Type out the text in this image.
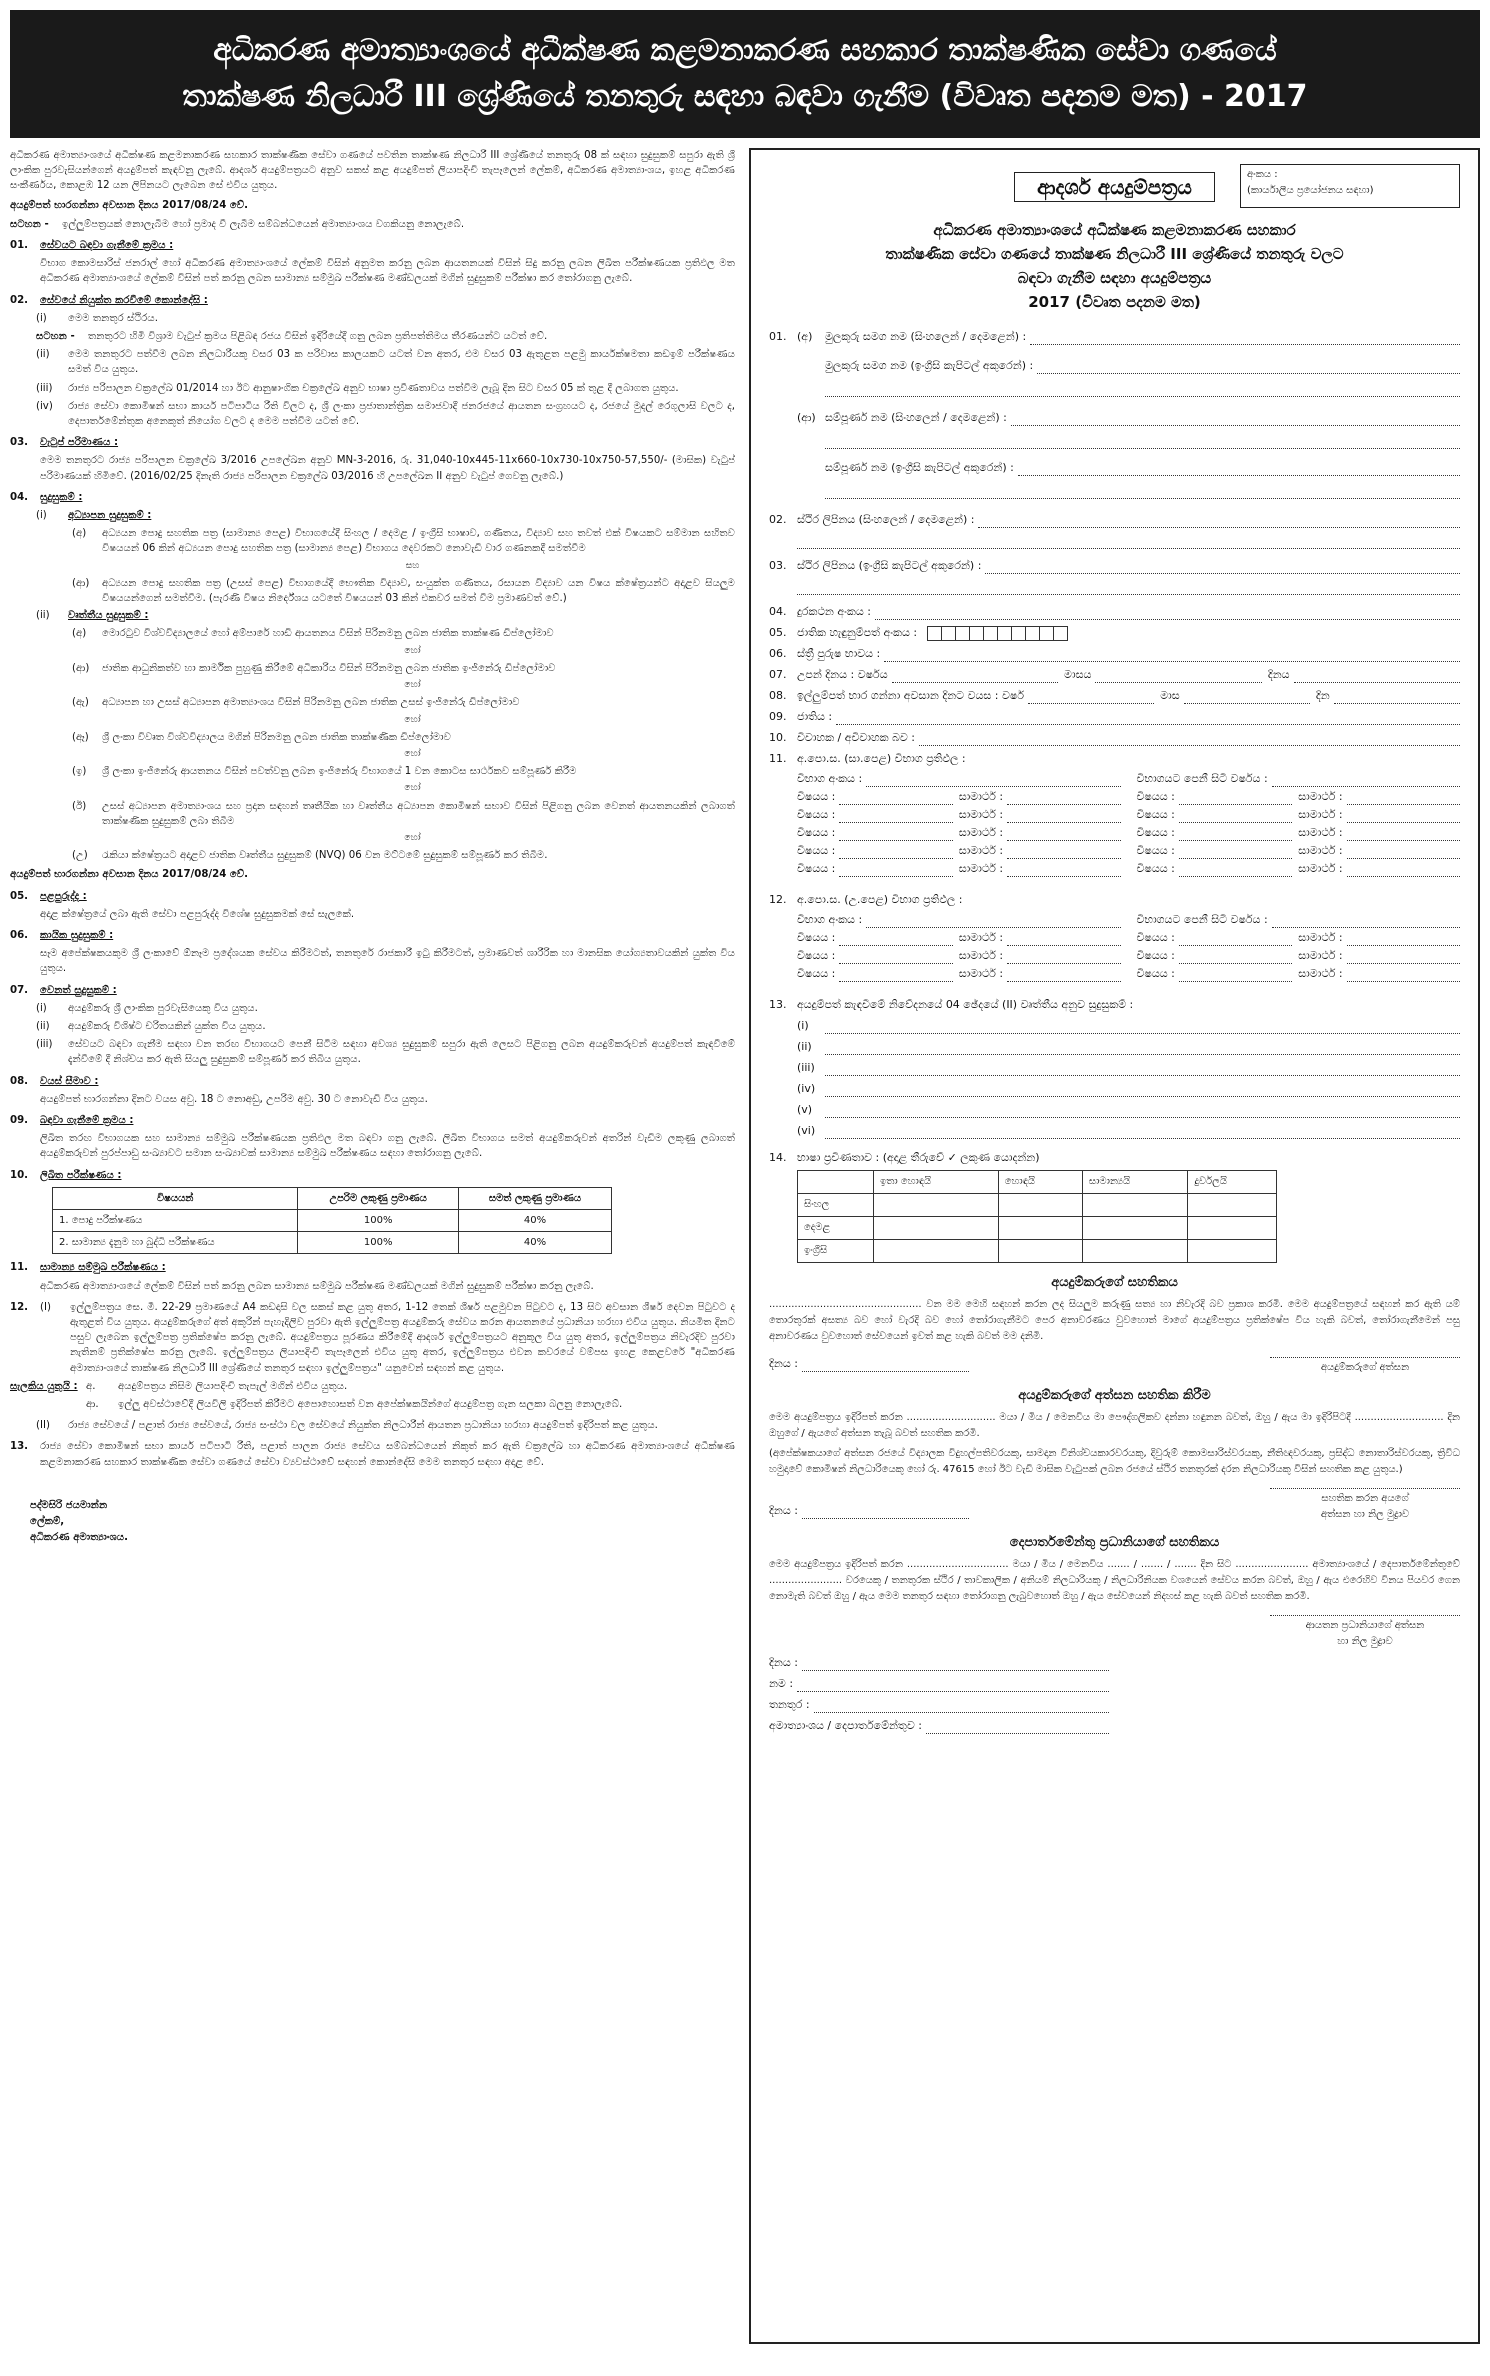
අධිකරණ අමාත්‍යාංශයේ අධීක්ෂණ කළමනාකරණ සහකාර තාක්ෂණික සේවා ගණයේ
තාක්ෂණ නිලධාරී III ශ්‍රේණියේ තනතුරු සඳහා බඳවා ගැනීම (විවෘත පදනම මත) - 2017

අධිකරණ අමාත්‍යාංශයේ අධීක්ෂණ කළමනාකරණ සහකාර තාක්ෂණික සේවා ගණයේ පවතින තාක්ෂණ නිලධාරී III ශ්‍රේණියේ තනතුරු 08 ක් සඳහා සුදුසුකම් සපුරා ඇති ශ්‍රී ලාංකික පුරවැසියන්ගෙන් අයදුම්පත් කැඳවනු ලැබේ. ආදර්ශ අයදුම්පත්‍රයට අනුව සකස් කළ අයදුම්පත් ලියාපදිංචි තැපෑලෙන් ලේකම්, අධිකරණ අමාත්‍යාංශය, ඉහළ අධිකරණ සංකීර්ණය, කොළඹ 12 යන ලිපිනයට ලැබෙන සේ එවිය යුතුය.

අයදුම්පත් භාරගන්නා අවසාන දිනය 2017/08/24 වේ.

සටහන -	ඉල්ලුම්පත්‍රයක් නොලැබීම හෝ ප්‍රමාද වී ලැබීම සම්බන්ධයෙන් අමාත්‍යාංශය වගකියනු නොලැබේ.
01.	සේවයට බඳවා ගැනීමේ ක්‍රමය :

විභාග කොමසාරිස් ජනරාල් හෝ අධිකරණ අමාත්‍යාංශයේ ලේකම් විසින් අනුමත කරනු ලබන ආයතනයක් විසින් සිදු කරනු ලබන ලිඛිත පරීක්ෂණයක ප්‍රතිඵල මත අධිකරණ අමාත්‍යාංශයේ ලේකම් විසින් පත් කරනු ලබන සාමාන්‍ය සම්මුඛ පරීක්ෂණ මණ්ඩලයක් මගින් සුදුසුකම් පරීක්ෂා කර තෝරාගනු ලැබේ.

02.	සේවයේ නියුක්ත කරවීමේ කොන්දේසි :
(i)	මෙම තනතුර ස්ථිරය.
සටහන -	තනතුරට හිමි විශ්‍රාම වැටුප් ක්‍රමය පිළිබඳ රජය විසින් ඉදිරියේදී ගනු ලබන ප්‍රතිපත්තිමය තීරණයන්ට යටත් වේ.
(ii)	මෙම තනතුරට පත්වීම ලබන නිලධාරීයකු වසර 03 ක පරිවාස කාලයකට යටත් වන අතර, එම වසර 03 ඇතුළත පළමු කාර්යක්ෂමතා කඩඉම් පරීක්ෂණය සමත් විය යුතුය.
(iii)	රාජ්‍ය පරිපාලන චක්‍රලේඛ 01/2014 හා ඊට ආනුෂාංගික චක්‍රලේඛ අනුව භාෂා ප්‍රවීණතාවය පත්වීම ලැබූ දින සිට වසර 05 ක් තුළ දී ලබාගත යුතුය.
(iv)	රාජ්‍ය සේවා කොමිෂන් සභා කාර්ය පටිපාටිය රීති විලට ද, ශ්‍රී ලංකා ප්‍රජාතාන්ත්‍රික සමාජවාදී ජනරජයේ ආයතන සංග්‍රහයට ද, රජයේ මුදල් රෙගුලාසි වලට ද, දෙපාර්තමේන්තුක අනෙකුත් නියෝග වලට ද මෙම පත්වීම යටත් වේ.
03.	වැටුප් පරිමාණය :

මෙම තනතුරට රාජ්‍ය පරිපාලන චක්‍රලේඛ 3/2016 උපලේඛන අනුව MN-3-2016, රු. 31,040-10x445-11x660-10x730-10x750-57,550/- (මාසික) වැටුප් පරිමාණයක් හිමිවේ. (2016/02/25 දිනැති රාජ්‍ය පරිපාලන චක්‍රලේඛ 03/2016 හි උපලේඛන II අනුව වැටුප් ගෙවනු ලැබේ.)

04.	සුදුසුකම් :
(i)	අධ්‍යාපන සුදුසුකම් :
(අ)	අධ්‍යයන පොදු සහතික පත්‍ර (සාමාන්‍ය පෙළ) විභාගයේදී සිංහල / දෙමළ / ඉංග්‍රීසි භාෂාව, ගණිතය, විද්‍යාව සහ තවත් එක් විෂයකට සම්මාන සහිතව විෂයයන් 06 කින් අධ්‍යයන පොදු සහතික පත්‍ර (සාමාන්‍ය පෙළ) විභාගය දෙවරකට නොවැඩි වාර ගණනකදී සමත්වීම
සහ
(ආ)	අධ්‍යයන පොදු සහතික පත්‍ර (උසස් පෙළ) විභාගයේදී භෞතික විද්‍යාව, සංයුක්ත ගණිතය, රසායන විද්‍යාව යන විෂය ක්ෂේත්‍රයන්ට අදාළව සියලුම විෂයයන්ගෙන් සමත්වීම. (පැරණි විෂය නිර්දේශය යටතේ විෂයයන් 03 කින් එකවර සමත් වීම ප්‍රමාණවත් වේ.)
(ii)	වෘත්තීය සුදුසුකම් :
(අ)	මොරටුව විශ්වවිද්‍යාලයේ හෝ අම්පාරේ හාඩි ආයතනය විසින් පිරිනමනු ලබන ජාතික තාක්ෂණ ඩිප්ලෝමාව
හෝ
(ආ)	ජාතික ආධුනිකත්ව හා කාර්මික පුහුණු කිරීමේ අධිකාරිය විසින් පිරිනමනු ලබන ජාතික ඉංජිනේරු ඩිප්ලෝමාව
හෝ
(ඇ)	අධ්‍යාපන හා උසස් අධ්‍යාපන අමාත්‍යාංශය විසින් පිරිනමනු ලබන ජාතික උසස් ඉංජිනේරු ඩිප්ලෝමාව
හෝ
(ඈ)	ශ්‍රී ලංකා විවෘත විශ්වවිද්‍යාලය මගින් පිරිනමනු ලබන ජාතික තාක්ෂණික ඩිප්ලෝමාව
හෝ
(ඉ)	ශ්‍රී ලංකා ඉංජිනේරු ආයතනය විසින් පවත්වනු ලබන ඉංජිනේරු විභාගයේ 1 වන කොටස සාර්ථකව සම්පූර්ණ කිරීම
හෝ
(ඊ)	උසස් අධ්‍යාපන අමාත්‍යාංශය සහ ප්‍රදාන සඳහන් තෘතීයික හා වෘත්තීය අධ්‍යාපන කොමිෂන් සභාව විසින් පිළිගනු ලබන වෙනත් ආයතනයකින් ලබාගත් තාක්ෂණික සුදුසුකම් ලබා තිබීම
හෝ
(උ)	රැකියා ක්ෂේත්‍රයට අදාළව ජාතික වෘත්තීය සුදුසුකම් (NVQ) 06 වන මට්ටමේ සුදුසුකම් සම්පූර්ණ කර තිබීම.

අයදුම්පත් භාරගන්නා අවසාන දිනය 2017/08/24 වේ.

05.	පළපුරුද්ද :

අදාළ ක්ෂේත්‍රයේ ලබා ඇති සේවා පළපුරුද්ද විශේෂ සුදුසුකමක් සේ සැලකේ.

06.	කායික සුදුසුකම් :

සෑම අපේක්ෂකයකුම ශ්‍රී ලංකාවේ ඕනෑම ප්‍රදේශයක සේවය කිරීමටත්, තනතුරේ රාජකාරී ඉටු කිරීමටත්, ප්‍රමාණවත් ශාරීරික හා මානසික යෝග්‍යතාවයකින් යුක්ත විය යුතුය.

07.	වෙනත් සුදුසුකම් :
(i)	අයදුම්කරු ශ්‍රී ලාංකික පුරවැසියෙකු විය යුතුය.
(ii)	අයදුම්කරු විශිෂ්ට චරිතයකින් යුක්ත විය යුතුය.
(iii)	සේවයට බඳවා ගැනීම සඳහා වන තරඟ විභාගයට පෙනී සිටීම සඳහා අවශ්‍ය සුදුසුකම් සපුරා ඇති ලෙසට පිළිගනු ලබන අයදුම්කරුවන් අයදුම්පත් කැඳවීමේ දැන්වීමේ දී නිශ්චය කර ඇති සියලු සුදුසුකම් සම්පූර්ණ කර තිබිය යුතුය.
08.	වයස් සීමාව :

අයදුම්පත් භාරගන්නා දිනට වයස අවු. 18 ට නොඅඩු, උපරිම අවු. 30 ට නොවැඩි විය යුතුය.

09.	බඳවා ගැනීමේ ක්‍රමය :

ලිඛිත තරඟ විභාගයක සහ සාමාන්‍ය සම්මුඛ පරීක්ෂණයක ප්‍රතිඵල මත බඳවා ගනු ලැබේ. ලිඛිත විභාගය සමත් අයදුම්කරුවන් අතරින් වැඩිම ලකුණු ලබාගත් අයදුම්කරුවන් පුරප්පාඩු සංඛ්‍යාවට සමාන සංඛ්‍යාවක් සාමාන්‍ය සම්මුඛ පරීක්ෂණය සඳහා තෝරාගනු ලැබේ.

10.	ලිඛිත පරීක්ෂණය :
විෂයයන්	උපරිම ලකුණු ප්‍රමාණය	සමත් ලකුණු ප්‍රමාණය
1. පොදු පරීක්ෂණය	100%	40%
2. සාමාන්‍ය දැනුම හා බුද්ධි පරීක්ෂණය	100%	40%
11.	සාමාන්‍ය සම්මුඛ පරීක්ෂණය :

අධිකරණ අමාත්‍යාංශයේ ලේකම් විසින් පත් කරනු ලබන සාමාන්‍ය සම්මුඛ පරීක්ෂණ මණ්ඩලයක් මගින් සුදුසුකම් පරීක්ෂා කරනු ලැබේ.

12.	(I)	ඉල්ලුම්පත්‍රය සෙ. මී. 22-29 ප්‍රමාණයේ A4 කඩදාසි වල සකස් කළ යුතු අතර, 1-12 තෙක් ශීර්ෂ පළමුවන පිටුවට ද, 13 සිට අවසාන ශීර්ෂ දෙවන පිටුවට ද ඇතුළත් විය යුතුය. අයදුම්කරුගේ අත් අකුරින් පැහැදිලිව පුරවා ඇති ඉල්ලුම්පත්‍ර අයදුම්කරු සේවය කරන ආයතනයේ ප්‍රධානියා හරහා එවිය යුතුය. නියමිත දිනට පසුව ලැබෙන ඉල්ලුම්පත්‍ර ප්‍රතික්ෂේප කරනු ලැබේ. අයදුම්පත්‍රය පූරණය කිරීමේදී ආදර්ශ ඉල්ලුම්පත්‍රයට අනුකූල විය යුතු අතර, ඉල්ලුම්පත්‍රය නිවැරදිව පුරවා නැතිනම් ප්‍රතික්ෂේප කරනු ලැබේ. ඉල්ලුම්පත්‍රය ලියාපදිංචි තැපෑලෙන් එවිය යුතු අතර, ඉල්ලුම්පත්‍රය එවන කවරයේ වම්පස ඉහළ කෙළවරේ "අධිකරණ අමාත්‍යාංශයේ තාක්ෂණ නිලධාරී III ශ්‍රේණියේ තනතුර සඳහා ඉල්ලුම්පත්‍රය" යනුවෙන් සඳහන් කළ යුතුය.
සැලකිය යුතුයි : අ.	අයදුම්පත්‍රය නිසිම ලියාපදිංචි තැපැල් මගින් එවිය යුතුය.
ආ.	ඉල්ලු අවස්ථාවේදී ලියවිලි ඉදිරිපත් කිරීමට අපොහොසත් වන අපේක්ෂකයින්ගේ අයදුම්පත්‍ර ගැන සලකා බලනු නොලැබේ.
(II)	රාජ්‍ය සේවයේ / පළාත් රාජ්‍ය සේවයේ, රාජ්‍ය සංස්ථා වල සේවයේ නියුක්ත නිලධාරීන් ආයතන ප්‍රධානියා හරහා අයදුම්පත් ඉදිරිපත් කළ යුතුය.
13.	රාජ්‍ය සේවා කොමිෂන් සභා කාර්ය පටිපාටි රීති, පළාත් පාලන රාජ්‍ය සේවය සම්බන්ධයෙන් නිකුත් කර ඇති චක්‍රලේඛ හා අධිකරණ අමාත්‍යාංශයේ අධීක්ෂණ කළමනාකරණ සහකාර තාක්ෂණික සේවා ගණයේ සේවා ව්‍යවස්ථාවේ සඳහන් කොන්දේසි මෙම තනතුර සඳහා අදාළ වේ.
පද්මසිරි ජයමාන්න
ලේකම්,
අධිකරණ අමාත්‍යාංශය.
ආදර්ශ අයදුම්පත්‍රය
අංකය :
(කාර්යාලීය ප්‍රයෝජනය සඳහා)
අධිකරණ අමාත්‍යාංශයේ අධීක්ෂණ කළමනාකරණ සහකාර
තාක්ෂණික සේවා ගණයේ තාක්ෂණ නිලධාරී III ශ්‍රේණියේ තනතුරු වලට
බඳවා ගැනීම සඳහා අයදුම්පත්‍රය
2017 (විවෘත පදනම මත)
01. (අ)	මුලකුරු සමග නම (සිංහලෙන් / දෙමළෙන්) :
මුලකුරු සමග නම (ඉංග්‍රීසි කැපිටල් අකුරෙන්) :
(ආ) සම්පූර්ණ නම (සිංහලෙන් / දෙමළෙන්) :
සම්පූර්ණ නම (ඉංග්‍රීසි කැපිටල් අකුරෙන්) :
02. ස්ථිර ලිපිනය (සිංහලෙන් / දෙමළෙන්) :
03. ස්ථිර ලිපිනය (ඉංග්‍රීසි කැපිටල් අකුරෙන්) :
04. දුරකථන අංකය :
05. ජාතික හැඳුනුම්පත් අංකය :
06. ස්ත්‍රී පුරුෂ භාවය :
07. උපන් දිනය : වර්ෂය	මාසය	දිනය
08. ඉල්ලුම්පත් භාර ගන්නා අවසාන දිනට වයස : වර්ෂ	මාස	දින
09. ජාතිය :
10. විවාහක / අවිවාහක බව :
11. අ.පො.ස. (සා.පෙළ) විභාග ප්‍රතිඵල :
විභාග අංකය :	විභාගයට පෙනී සිටි වර්ෂය :
විෂයය :	සාමාර්ථ :	විෂයය :	සාමාර්ථ :
විෂයය :	සාමාර්ථ :	විෂයය :	සාමාර්ථ :
විෂයය :	සාමාර්ථ :	විෂයය :	සාමාර්ථ :
විෂයය :	සාමාර්ථ :	විෂයය :	සාමාර්ථ :
විෂයය :	සාමාර්ථ :	විෂයය :	සාමාර්ථ :
12. අ.පො.ස. (උ.පෙළ) විභාග ප්‍රතිඵල :
විභාග අංකය :	විභාගයට පෙනී සිටි වර්ෂය :
විෂයය :	සාමාර්ථ :	විෂයය :	සාමාර්ථ :
විෂයය :	සාමාර්ථ :	විෂයය :	සාමාර්ථ :
විෂයය :	සාමාර්ථ :	විෂයය :	සාමාර්ථ :
13. අයදුම්පත් කැඳවීමේ නිවේදනයේ 04 ඡේදයේ (II) වෘත්තීය අනුව සුදුසුකම් :
(i)
(ii)
(iii)
(iv)
(v)
(vi)
14. භාෂා ප්‍රවීණතාව : (අදාළ තීරුවේ ✓ ලකුණ යොදන්න)
	ඉතා හොඳයි	හොඳයි	සාමාන්‍යයි	දුර්වලයි
සිංහල				
දෙමළ				
ඉංග්‍රීසි				
අයදුම්කරුගේ සහතිකය

................................................ වන මම මෙහි සඳහන් කරන ලද සියලුම කරුණු සත්‍ය හා නිවැරදි බව ප්‍රකාශ කරමි. මෙම අයදුම්පත්‍රයේ සඳහන් කර ඇති යම් තොරතුරක් අසත්‍ය බව හෝ වැරදි බව හෝ තෝරාගැනීමට පෙර අනාවරණය වුවහොත් මාගේ අයදුම්පත්‍රය ප්‍රතික්ෂේප විය හැකි බවත්, තෝරාගැනීමෙන් පසු අනාවරණය වුවහොත් සේවයෙන් ඉවත් කළ හැකි බවත් මම දනිමි.

දිනය :	අයදුම්කරුගේ අත්සන
අයදුම්කරුගේ අත්සන සහතික කිරීම

මෙම අයදුම්පත්‍රය ඉදිරිපත් කරන ............................ මයා / මිය / මෙනවිය මා පෞද්ගලිකව දන්නා හඳුනන බවත්, ඔහු / ඇය මා ඉදිරිපිටදී ............................ දින ඔහුගේ / ඇයගේ අත්සන තැබූ බවත් සහතික කරමි.

(අපේක්ෂකයාගේ අත්සන රජයේ විද්‍යාලක විදුහල්පතිවරයකු, සාමදාන විනිශ්චයකාරවරයකු, දිවුරුම් කොමසාරිස්වරයකු, නීතිඥවරයකු, ප්‍රසිද්ධ නොතාරිස්වරයකු, ත්‍රිවිධ හමුදාවේ කොමිෂන් නිලධාරියෙකු හෝ රු. 47615 හෝ ඊට වැඩි මාසික වැටුපක් ලබන රජයේ ස්ථිර තනතුරක් දරන නිලධාරියකු විසින් සහතික කළ යුතුය.)

දිනය :
සහතික කරන අයගේ
අත්සන හා නිල මුද්‍රාව
දෙපාර්තමේන්තු ප්‍රධානියාගේ සහතිකය

මෙම අයදුම්පත්‍රය ඉදිරිපත් කරන ................................ මයා / මිය / මෙනවිය ....... / ....... / ....... දින සිට ....................... අමාත්‍යාංශයේ / දෙපාර්තමේන්තුවේ ....................... වරයෙකු / තනතුරක ස්ථිර / තාවකාලික / අනියම් නිලධාරියකු / නිලධාරිනියක වශයෙන් සේවය කරන බවත්, ඔහු / ඇය එරෙහිව විනය පියවර ගෙන නොමැති බවත් ඔහු / ඇය මෙම තනතුර සඳහා තෝරාගනු ලැබුවහොත් ඔහු / ඇය සේවයෙන් නිදහස් කළ හැකි බවත් සහතික කරමි.

ආයතන ප්‍රධානියාගේ අත්සන
හා නිල මුද්‍රාව
දිනය :
නම :
තනතුර :
අමාත්‍යාංශය / දෙපාර්තමේන්තුව :
